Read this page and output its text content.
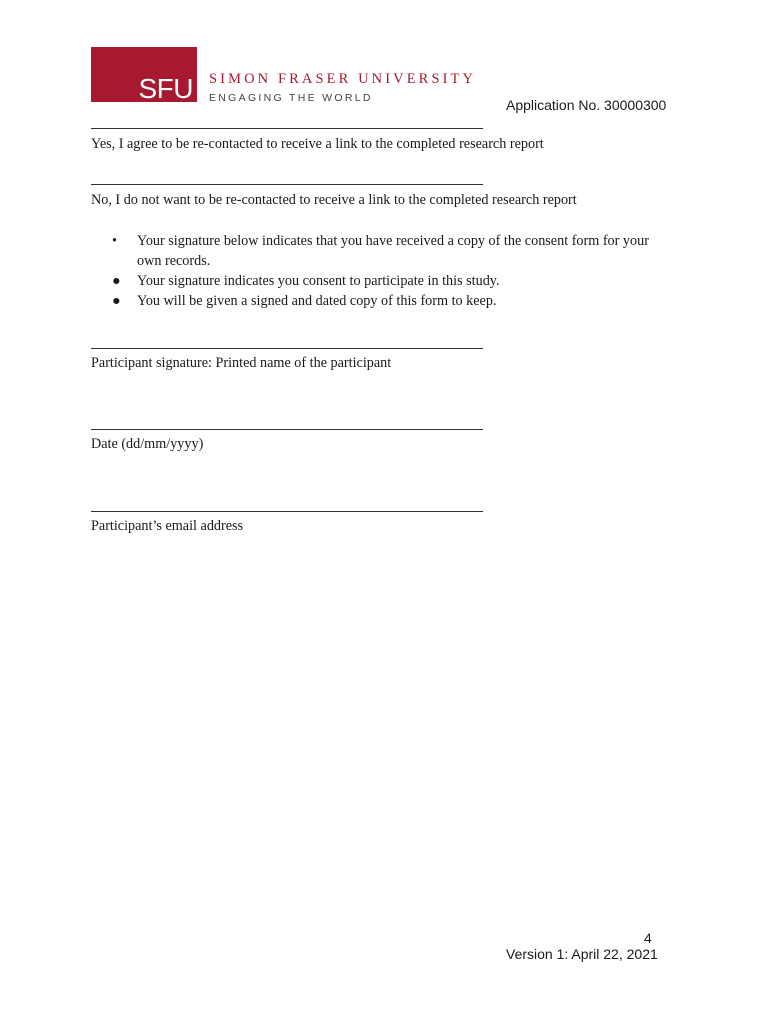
SFU SIMON FRASER UNIVERSITY
ENGAGING THE WORLD	Application No. 30000300
Yes, I agree to be re-contacted to receive a link to the completed research report
No, I do not want to be re-contacted to receive a link to the completed research report
•	Your signature below indicates that you have received a copy of the consent form for your own records.
●	Your signature indicates you consent to participate in this study.
●	You will be given a signed and dated copy of this form to keep.
Participant signature: Printed name of the participant
Date (dd/mm/yyyy)
Participant’s email address
4
Version 1: April 22, 2021
